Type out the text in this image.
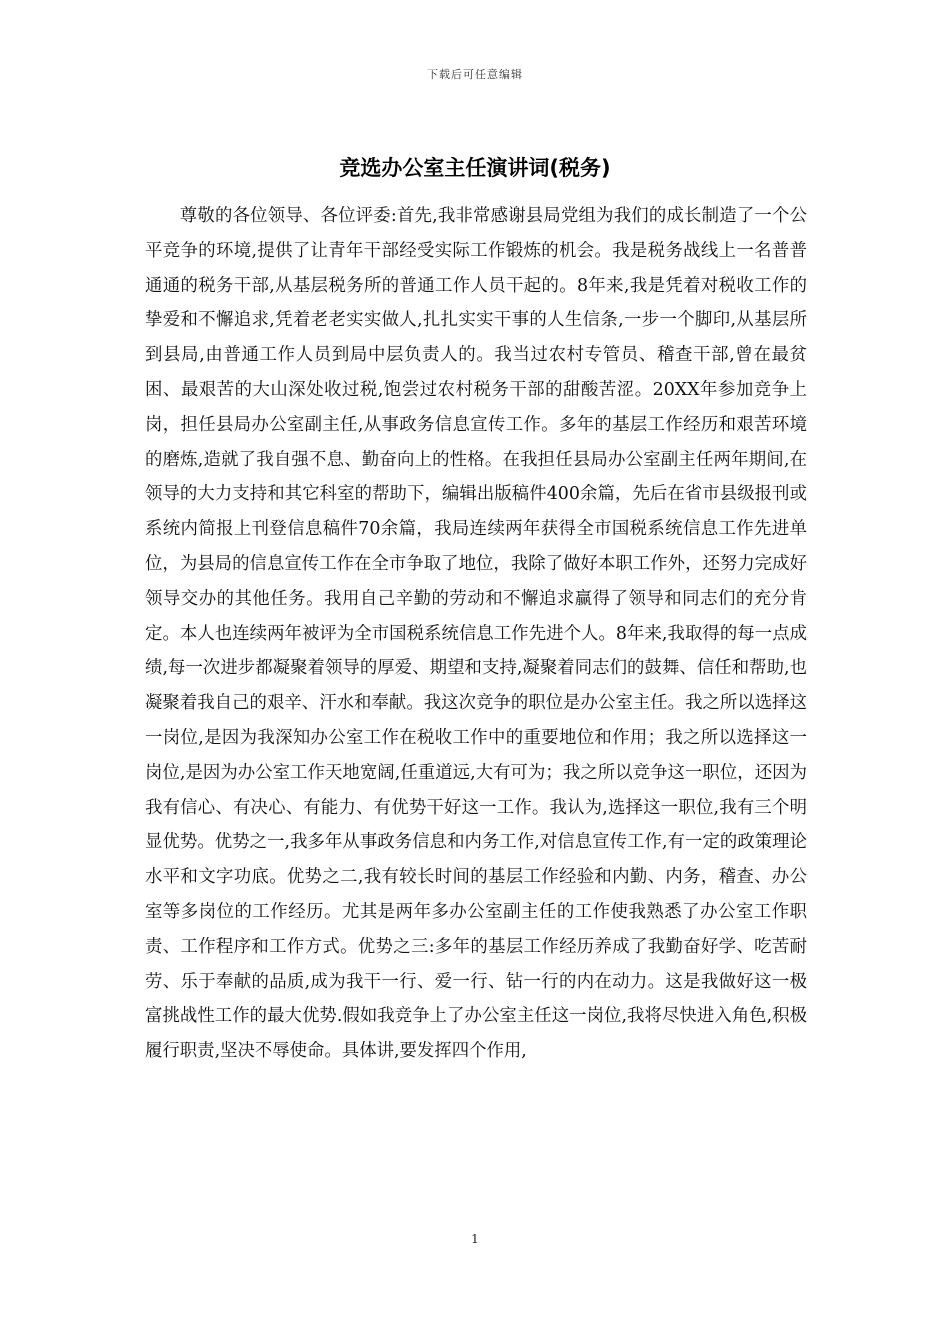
下载后可任意编辑
竞选办公室主任演讲词(税务)

尊敬的各位领导、各位评委:首先,我非常感谢县局党组为我们的成长制造了一个公平竞争的环境,提供了让青年干部经受实际工作锻炼的机会。我是税务战线上一名普普通通的税务干部,从基层税务所的普通工作人员干起的。8年来,我是凭着对税收工作的挚爱和不懈追求,凭着老老实实做人,扎扎实实干事的人生信条,一步一个脚印,从基层所到县局,由普通工作人员到局中层负责人的。我当过农村专管员、稽查干部,曾在最贫困、最艰苦的大山深处收过税,饱尝过农村税务干部的甜酸苦涩。20XX年参加竞争上岗，担任县局办公室副主任,从事政务信息宣传工作。多年的基层工作经历和艰苦环境的磨炼,造就了我自强不息、勤奋向上的性格。在我担任县局办公室副主任两年期间,在领导的大力支持和其它科室的帮助下，编辑出版稿件400余篇，先后在省市县级报刊或系统内简报上刊登信息稿件70余篇，我局连续两年获得全市国税系统信息工作先进单位，为县局的信息宣传工作在全市争取了地位，我除了做好本职工作外，还努力完成好领导交办的其他任务。我用自己辛勤的劳动和不懈追求赢得了领导和同志们的充分肯定。本人也连续两年被评为全市国税系统信息工作先进个人。8年来,我取得的每一点成绩,每一次进步都凝聚着领导的厚爱、期望和支持,凝聚着同志们的鼓舞、信任和帮助,也凝聚着我自己的艰辛、汗水和奉献。我这次竞争的职位是办公室主任。我之所以选择这一岗位,是因为我深知办公室工作在税收工作中的重要地位和作用；我之所以选择这一岗位,是因为办公室工作天地宽阔,任重道远,大有可为；我之所以竞争这一职位，还因为我有信心、有决心、有能力、有优势干好这一工作。我认为,选择这一职位,我有三个明显优势。优势之一,我多年从事政务信息和内务工作,对信息宣传工作,有一定的政策理论水平和文字功底。优势之二,我有较长时间的基层工作经验和内勤、内务，稽查、办公室等多岗位的工作经历。尤其是两年多办公室副主任的工作使我熟悉了办公室工作职责、工作程序和工作方式。优势之三:多年的基层工作经历养成了我勤奋好学、吃苦耐劳、乐于奉献的品质,成为我干一行、爱一行、钻一行的内在动力。这是我做好这一极富挑战性工作的最大优势.假如我竞争上了办公室主任这一岗位,我将尽快进入角色,积极履行职责,坚决不辱使命。具体讲,要发挥四个作用,

1
